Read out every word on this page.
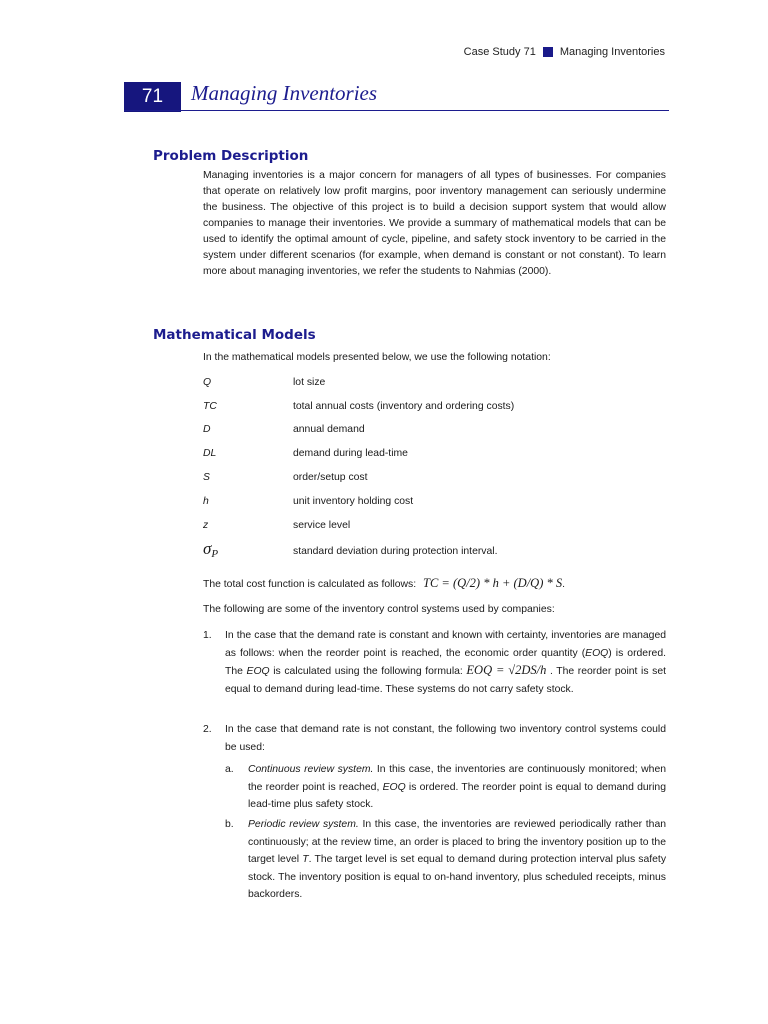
Case Study 71 Managing Inventories
71 Managing Inventories
Problem Description
Managing inventories is a major concern for managers of all types of businesses. For companies that operate on relatively low profit margins, poor inventory management can seriously undermine the business. The objective of this project is to build a decision support system that would allow companies to manage their inventories. We provide a summary of mathematical models that can be used to identify the optimal amount of cycle, pipeline, and safety stock inventory to be carried in the system under different scenarios (for example, when demand is constant or not constant). To learn more about managing inventories, we refer the students to Nahmias (2000).
Mathematical Models
In the mathematical models presented below, we use the following notation:
Q	lot size
TC	total annual costs (inventory and ordering costs)
D	annual demand
DL	demand during lead-time
S	order/setup cost
h	unit inventory holding cost
z	service level
$\sigma_P$	standard deviation during protection interval.
The total cost function is calculated as follows: TC = (Q/2) * h + (D/Q) * S.
The following are some of the inventory control systems used by companies:
1. In the case that the demand rate is constant and known with certainty, inventories are managed as follows: when the reorder point is reached, the economic order quantity (EOQ) is ordered. The EOQ is calculated using the following formula: EOQ = √2DS/h . The reorder point is set equal to demand during lead-time. These systems do not carry safety stock.
2. In the case that demand rate is not constant, the following two inventory control systems could be used:
a. Continuous review system. In this case, the inventories are continuously monitored; when the reorder point is reached, EOQ is ordered. The reorder point is equal to demand during lead-time plus safety stock.
b. Periodic review system. In this case, the inventories are reviewed periodically rather than continuously; at the review time, an order is placed to bring the inventory position up to the target level T. The target level is set equal to demand during protection interval plus safety stock. The inventory position is equal to on-hand inventory, plus scheduled receipts, minus backorders.
